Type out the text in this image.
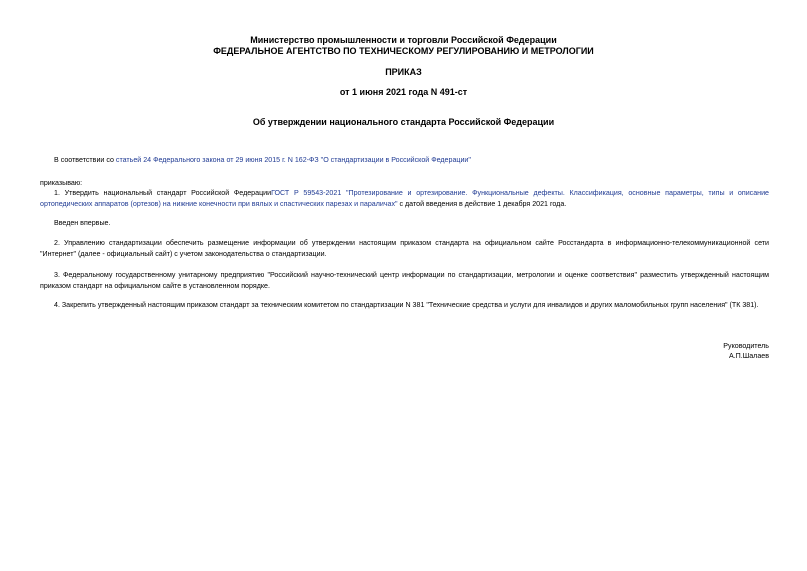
Министерство промышленности и торговли Российской Федерации
ФЕДЕРАЛЬНОЕ АГЕНТСТВО ПО ТЕХНИЧЕСКОМУ РЕГУЛИРОВАНИЮ И МЕТРОЛОГИИ
ПРИКАЗ
от 1 июня 2021 года N 491-ст
Об утверждении национального стандарта Российской Федерации
В соответствии со статьей 24 Федерального закона от 29 июня 2015 г. N 162-ФЗ "О стандартизации в Российской Федерации"
приказываю:
1. Утвердить национальный стандарт Российской ФедерацииГОСТ Р 59543-2021 "Протезирование и ортезирование. Функциональные дефекты. Классификация, основные параметры, типы и описание ортопедических аппаратов (ортезов) на нижние конечности при вялых и спастических парезах и параличах" с датой введения в действие 1 декабря 2021 года.
Введен впервые.
2. Управлению стандартизации обеспечить размещение информации об утверждении настоящим приказом стандарта на официальном сайте Росстандарта в информационно-телекоммуникационной сети "Интернет" (далее - официальный сайт) с учетом законодательства о стандартизации.
3. Федеральному государственному унитарному предприятию "Российский научно-технический центр информации по стандартизации, метрологии и оценке соответствия" разместить утвержденный настоящим приказом стандарт на официальном сайте в установленном порядке.
4. Закрепить утвержденный настоящим приказом стандарт за техническим комитетом по стандартизации N 381 "Технические средства и услуги для инвалидов и других маломобильных групп населения" (ТК 381).
Руководитель
А.П.Шалаев
